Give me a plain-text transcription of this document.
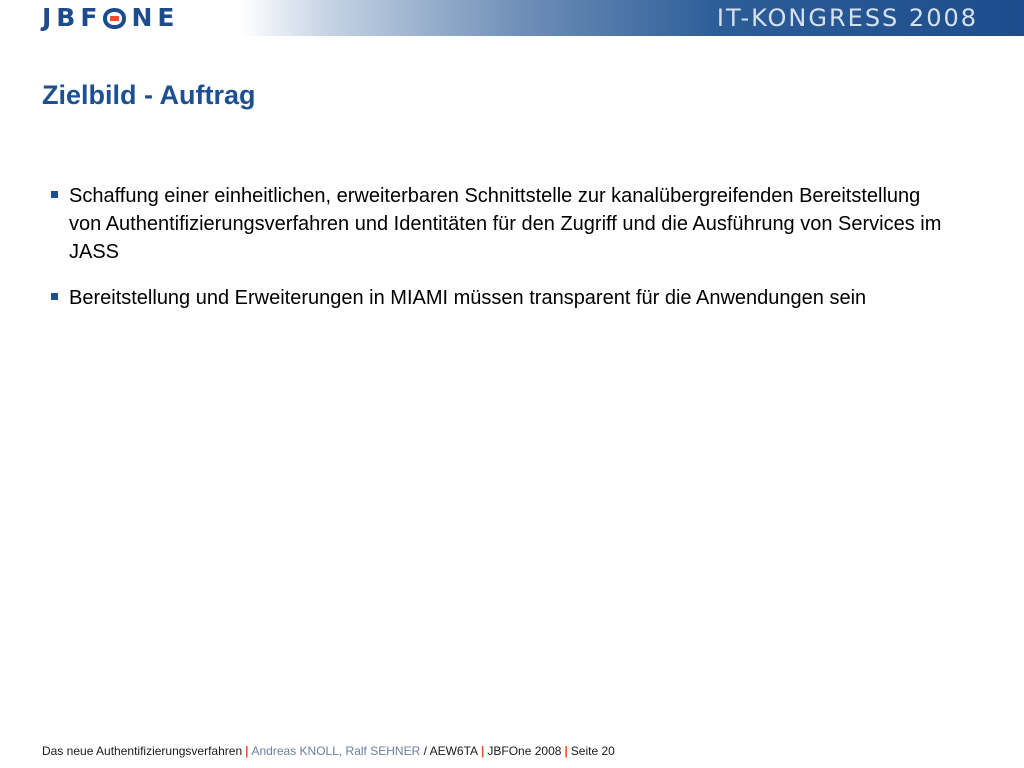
JBF NE	IT-KONGRESS 2008
Zielbild - Auftrag
Schaffung einer einheitlichen, erweiterbaren Schnittstelle zur kanalübergreifenden Bereitstellung von Authentifizierungsverfahren und Identitäten für den Zugriff und die Ausführung von Services im JASS
Bereitstellung und Erweiterungen in MIAMI müssen transparent für die Anwendungen sein
Das neue Authentifizierungsverfahren | Andreas KNOLL, Ralf SEHNER / AEW6TA | JBFOne 2008 | Seite 20
